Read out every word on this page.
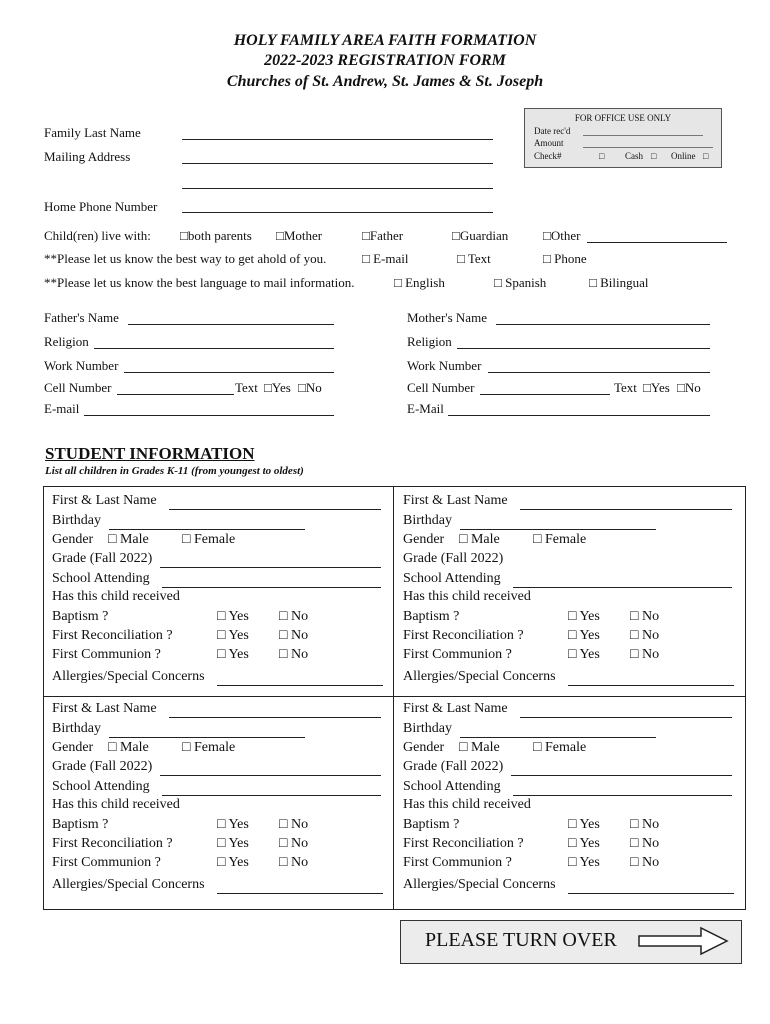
HOLY FAMILY AREA FAITH FORMATION
2022-2023 REGISTRATION FORM
Churches of St. Andrew, St. James & St. Joseph
FOR OFFICE USE ONLY
Date rec'd
Amount
Check#	□ Cash □ Online □
Family Last Name
Mailing Address
Home Phone Number
Child(ren) live with: □both parents □Mother	□Father	□Guardian	□Other
**Please let us know the best way to get ahold of you.	□ E-mail	□ Text	□ Phone
**Please let us know the best language to mail information.	□ English	□ Spanish	□ Bilingual
Father's Name
Religion
Work Number
Cell Number	Text □Yes □No
E-mail
Mother's Name
Religion
Work Number
Cell Number	Text □Yes □No
E-Mail
STUDENT INFORMATION
List all children in Grades K-11 (from youngest to oldest)
First & Last Name
Birthday
Gender □ Male □ Female
Grade (Fall 2022)
School Attending
Has this child received
Baptism ?	□ Yes □ No
First Reconciliation ?	□ Yes □ No
First Communion ?	□ Yes □ No
Allergies/Special Concerns
First & Last Name
Birthday
Gender □ Male □ Female
Grade (Fall 2022)
School Attending
Has this child received
Baptism ?	□ Yes □ No
First Reconciliation ?	□ Yes □ No
First Communion ?	□ Yes □ No
Allergies/Special Concerns
First & Last Name
Birthday
Gender □ Male □ Female
Grade (Fall 2022)
School Attending
Has this child received
Baptism ?	□ Yes □ No
First Reconciliation ?	□ Yes □ No
First Communion ?	□ Yes □ No
Allergies/Special Concerns
First & Last Name
Birthday
Gender □ Male □ Female
Grade (Fall 2022)
School Attending
Has this child received
Baptism ?	□ Yes □ No
First Reconciliation ?	□ Yes □ No
First Communion ?	□ Yes □ No
Allergies/Special Concerns
PLEASE TURN OVER
